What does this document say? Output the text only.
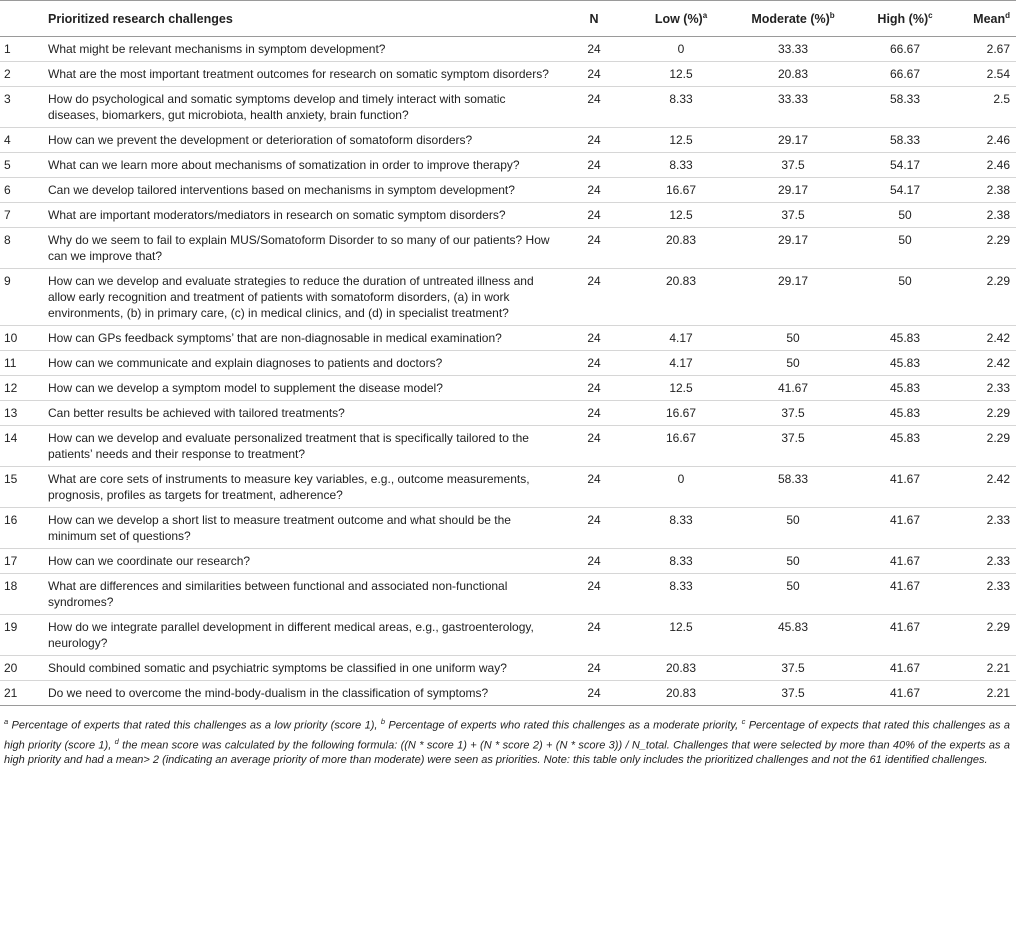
	Prioritized research challenges	N	Low (%)$^a$	Moderate (%)$^b$	High (%)$^c$	Mean$^d$
1	What might be relevant mechanisms in symptom development?	24	0	33.33	66.67	2.67
2	What are the most important treatment outcomes for research on somatic symptom disorders?	24	12.5	20.83	66.67	2.54
3	How do psychological and somatic symptoms develop and timely interact with somatic diseases, biomarkers, gut microbiota, health anxiety, brain function?	24	8.33	33.33	58.33	2.5
4	How can we prevent the development or deterioration of somatoform disorders?	24	12.5	29.17	58.33	2.46
5	What can we learn more about mechanisms of somatization in order to improve therapy?	24	8.33	37.5	54.17	2.46
6	Can we develop tailored interventions based on mechanisms in symptom development?	24	16.67	29.17	54.17	2.38
7	What are important moderators/mediators in research on somatic symptom disorders?	24	12.5	37.5	50	2.38
8	Why do we seem to fail to explain MUS/Somatoform Disorder to so many of our patients? How can we improve that?	24	20.83	29.17	50	2.29
9	How can we develop and evaluate strategies to reduce the duration of untreated illness and allow early recognition and treatment of patients with somatoform disorders, (a) in work environments, (b) in primary care, (c) in medical clinics, and (d) in specialist treatment?	24	20.83	29.17	50	2.29
10	How can GPs feedback symptoms’ that are non-diagnosable in medical examination?	24	4.17	50	45.83	2.42
11	How can we communicate and explain diagnoses to patients and doctors?	24	4.17	50	45.83	2.42
12	How can we develop a symptom model to supplement the disease model?	24	12.5	41.67	45.83	2.33
13	Can better results be achieved with tailored treatments?	24	16.67	37.5	45.83	2.29
14	How can we develop and evaluate personalized treatment that is specifically tailored to the patients’ needs and their response to treatment?	24	16.67	37.5	45.83	2.29
15	What are core sets of instruments to measure key variables, e.g., outcome measurements, prognosis, profiles as targets for treatment, adherence?	24	0	58.33	41.67	2.42
16	How can we develop a short list to measure treatment outcome and what should be the minimum set of questions?	24	8.33	50	41.67	2.33
17	How can we coordinate our research?	24	8.33	50	41.67	2.33
18	What are differences and similarities between functional and associated non-functional syndromes?	24	8.33	50	41.67	2.33
19	How do we integrate parallel development in different medical areas, e.g., gastroenterology, neurology?	24	12.5	45.83	41.67	2.29
20	Should combined somatic and psychiatric symptoms be classified in one uniform way?	24	20.83	37.5	41.67	2.21
21	Do we need to overcome the mind-body-dualism in the classification of symptoms?	24	20.83	37.5	41.67	2.21
$^a$ Percentage of experts that rated this challenges as a low priority (score 1), $^b$ Percentage of experts who rated this challenges as a moderate priority, $^c$ Percentage of expects that rated this challenges as a high priority (score 1), $^d$ the mean score was calculated by the following formula: ((N * score 1) + (N * score 2) + (N * score 3)) / N_total. Challenges that were selected by more than 40% of the experts as a high priority and had a mean> 2 (indicating an average priority of more than moderate) were seen as priorities. Note: this table only includes the prioritized challenges and not the 61 identified challenges.
